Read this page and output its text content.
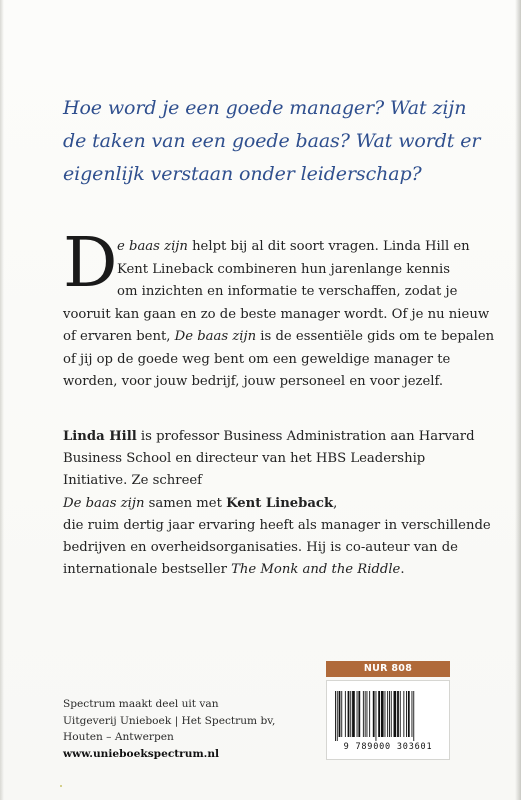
Hoe word je een goede manager? Wat zijn
de taken van een goede baas? Wat wordt er
eigenlijk verstaan onder leiderschap?

D e baas zijn helpt bij al dit soort vragen. Linda Hill en
Kent Lineback combineren hun jarenlange kennis
om inzichten en informatie te verschaffen, zodat je
vooruit kan gaan en zo de beste manager wordt. Of je nu nieuw
of ervaren bent, De baas zijn is de essentiële gids om te bepalen
of jij op de goede weg bent om een geweldige manager te
worden, voor jouw bedrijf, jouw personeel en voor jezelf.
Linda Hill is professor Business Administration aan Harvard
Business School en directeur van het HBS Leadership
Initiative. Ze schreef
De baas zijn samen met Kent Lineback,
die ruim dertig jaar ervaring heeft als manager in verschillende
bedrijven en overheidsorganisaties. Hij is co-auteur van de
internationale bestseller The Monk and the Riddle.
NUR 808
9 789000 303601
Spectrum maakt deel uit van
Uitgeverij Unieboek | Het Spectrum bv,
Houten – Antwerpen
www.unieboekspectrum.nl
